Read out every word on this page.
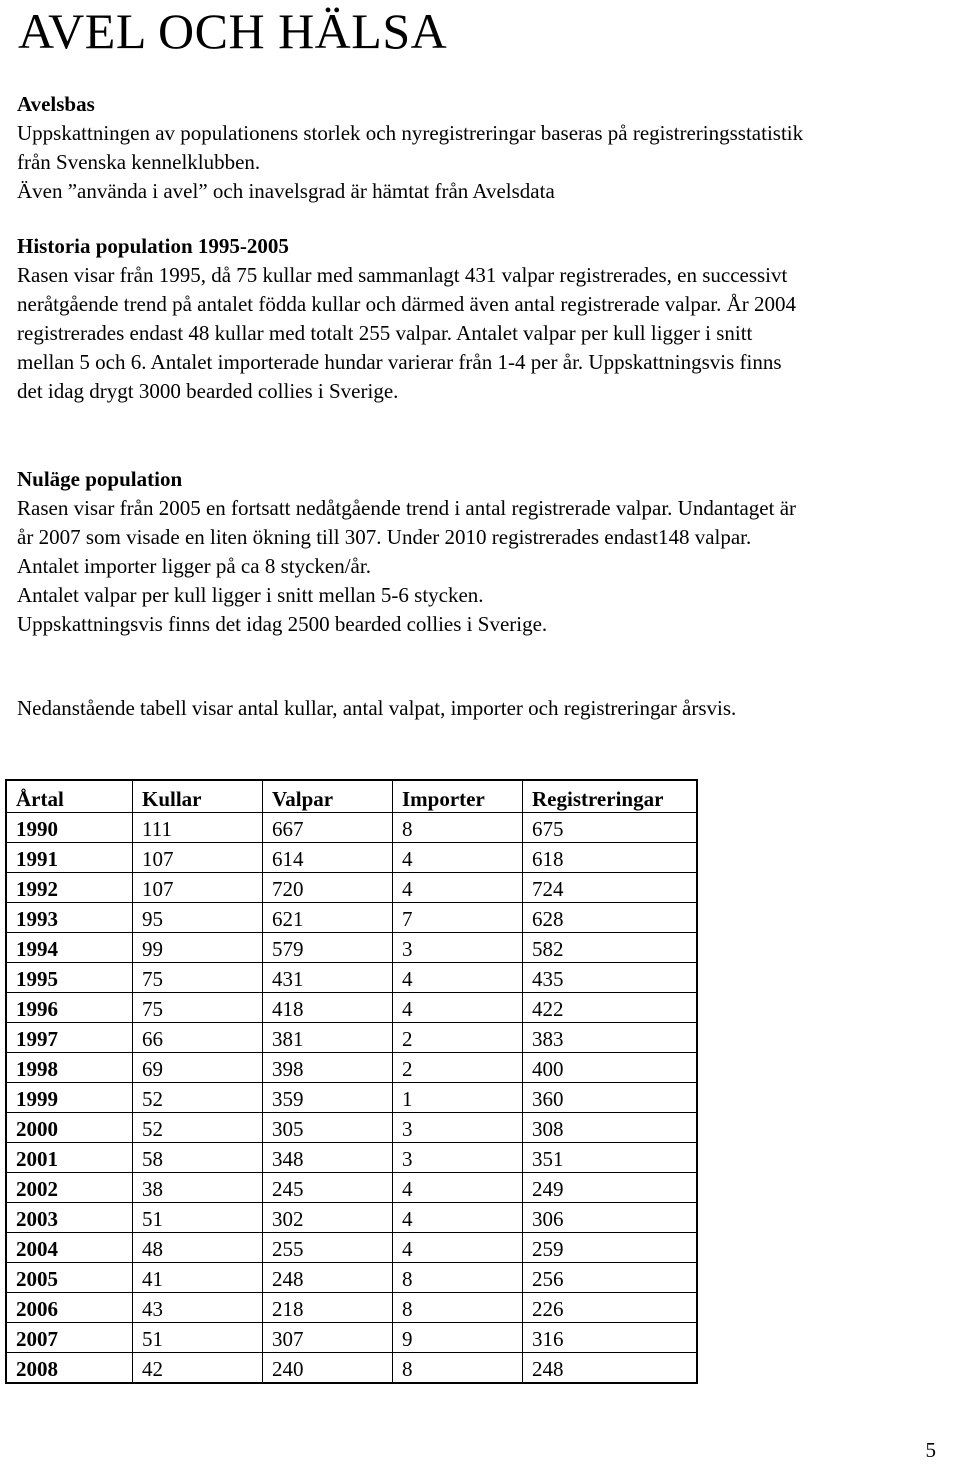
AVEL OCH HÄLSA
Avelsbas
Uppskattningen av populationens storlek och nyregistreringar baseras på registreringsstatistik
från Svenska kennelklubben.
Även ”använda i avel” och inavelsgrad är hämtat från Avelsdata
Historia population 1995-2005
Rasen visar från 1995, då 75 kullar med sammanlagt 431 valpar registrerades, en successivt
neråtgående trend på antalet födda kullar och därmed även antal registrerade valpar. År 2004
registrerades endast 48 kullar med totalt 255 valpar. Antalet valpar per kull ligger i snitt
mellan 5 och 6. Antalet importerade hundar varierar från 1-4 per år. Uppskattningsvis finns
det idag drygt 3000 bearded collies i Sverige.
Nuläge population
Rasen visar från 2005 en fortsatt nedåtgående trend i antal registrerade valpar. Undantaget är
år 2007 som visade en liten ökning till 307. Under 2010 registrerades endast148 valpar.
Antalet importer ligger på ca 8 stycken/år.
Antalet valpar per kull ligger i snitt mellan 5-6 stycken.
Uppskattningsvis finns det idag 2500 bearded collies i Sverige.
Nedanstående tabell visar antal kullar, antal valpat, importer och registreringar årsvis.
Årtal	Kullar	Valpar	Importer	Registreringar
1990	111	667	8	675
1991	107	614	4	618
1992	107	720	4	724
1993	95	621	7	628
1994	99	579	3	582
1995	75	431	4	435
1996	75	418	4	422
1997	66	381	2	383
1998	69	398	2	400
1999	52	359	1	360
2000	52	305	3	308
2001	58	348	3	351
2002	38	245	4	249
2003	51	302	4	306
2004	48	255	4	259
2005	41	248	8	256
2006	43	218	8	226
2007	51	307	9	316
2008	42	240	8	248
5
